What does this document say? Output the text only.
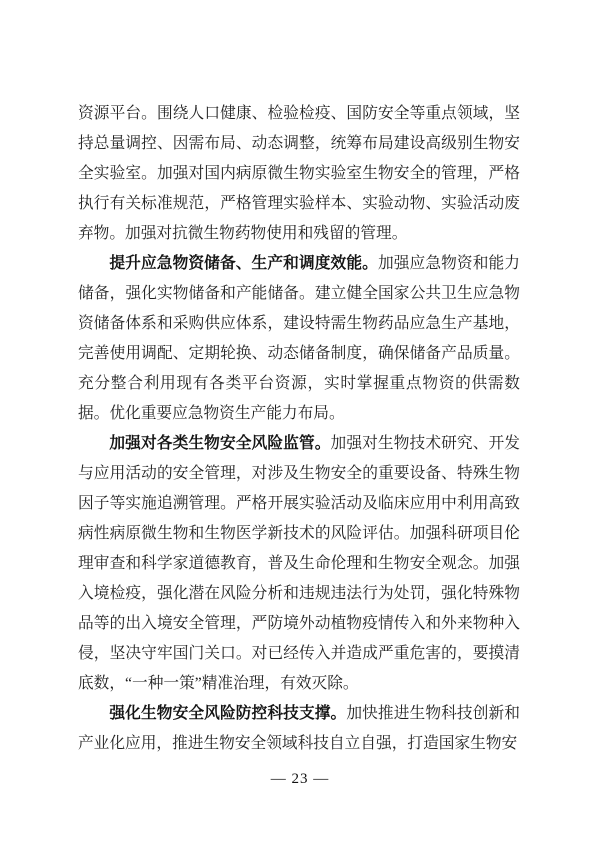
资源平台。围绕人口健康、检验检疫、国防安全等重点领域，坚持总量调控、因需布局、动态调整，统筹布局建设高级别生物安全实验室。加强对国内病原微生物实验室生物安全的管理，严格执行有关标准规范，严格管理实验样本、实验动物、实验活动废弃物。加强对抗微生物药物使用和残留的管理。

提升应急物资储备、生产和调度效能。加强应急物资和能力储备，强化实物储备和产能储备。建立健全国家公共卫生应急物资储备体系和采购供应体系，建设特需生物药品应急生产基地，完善使用调配、定期轮换、动态储备制度，确保储备产品质量。充分整合利用现有各类平台资源，实时掌握重点物资的供需数据。优化重要应急物资生产能力布局。

加强对各类生物安全风险监管。加强对生物技术研究、开发与应用活动的安全管理，对涉及生物安全的重要设备、特殊生物因子等实施追溯管理。严格开展实验活动及临床应用中利用高致病性病原微生物和生物医学新技术的风险评估。加强科研项目伦理审查和科学家道德教育，普及生命伦理和生物安全观念。加强入境检疫，强化潜在风险分析和违规违法行为处罚，强化特殊物品等的出入境安全管理，严防境外动植物疫情传入和外来物种入侵，坚决守牢国门关口。对已经传入并造成严重危害的，要摸清底数，“一种一策”精准治理，有效灭除。

强化生物安全风险防控科技支撑。加快推进生物科技创新和产业化应用，推进生物安全领域科技自立自强，打造国家生物安

— 23 —
